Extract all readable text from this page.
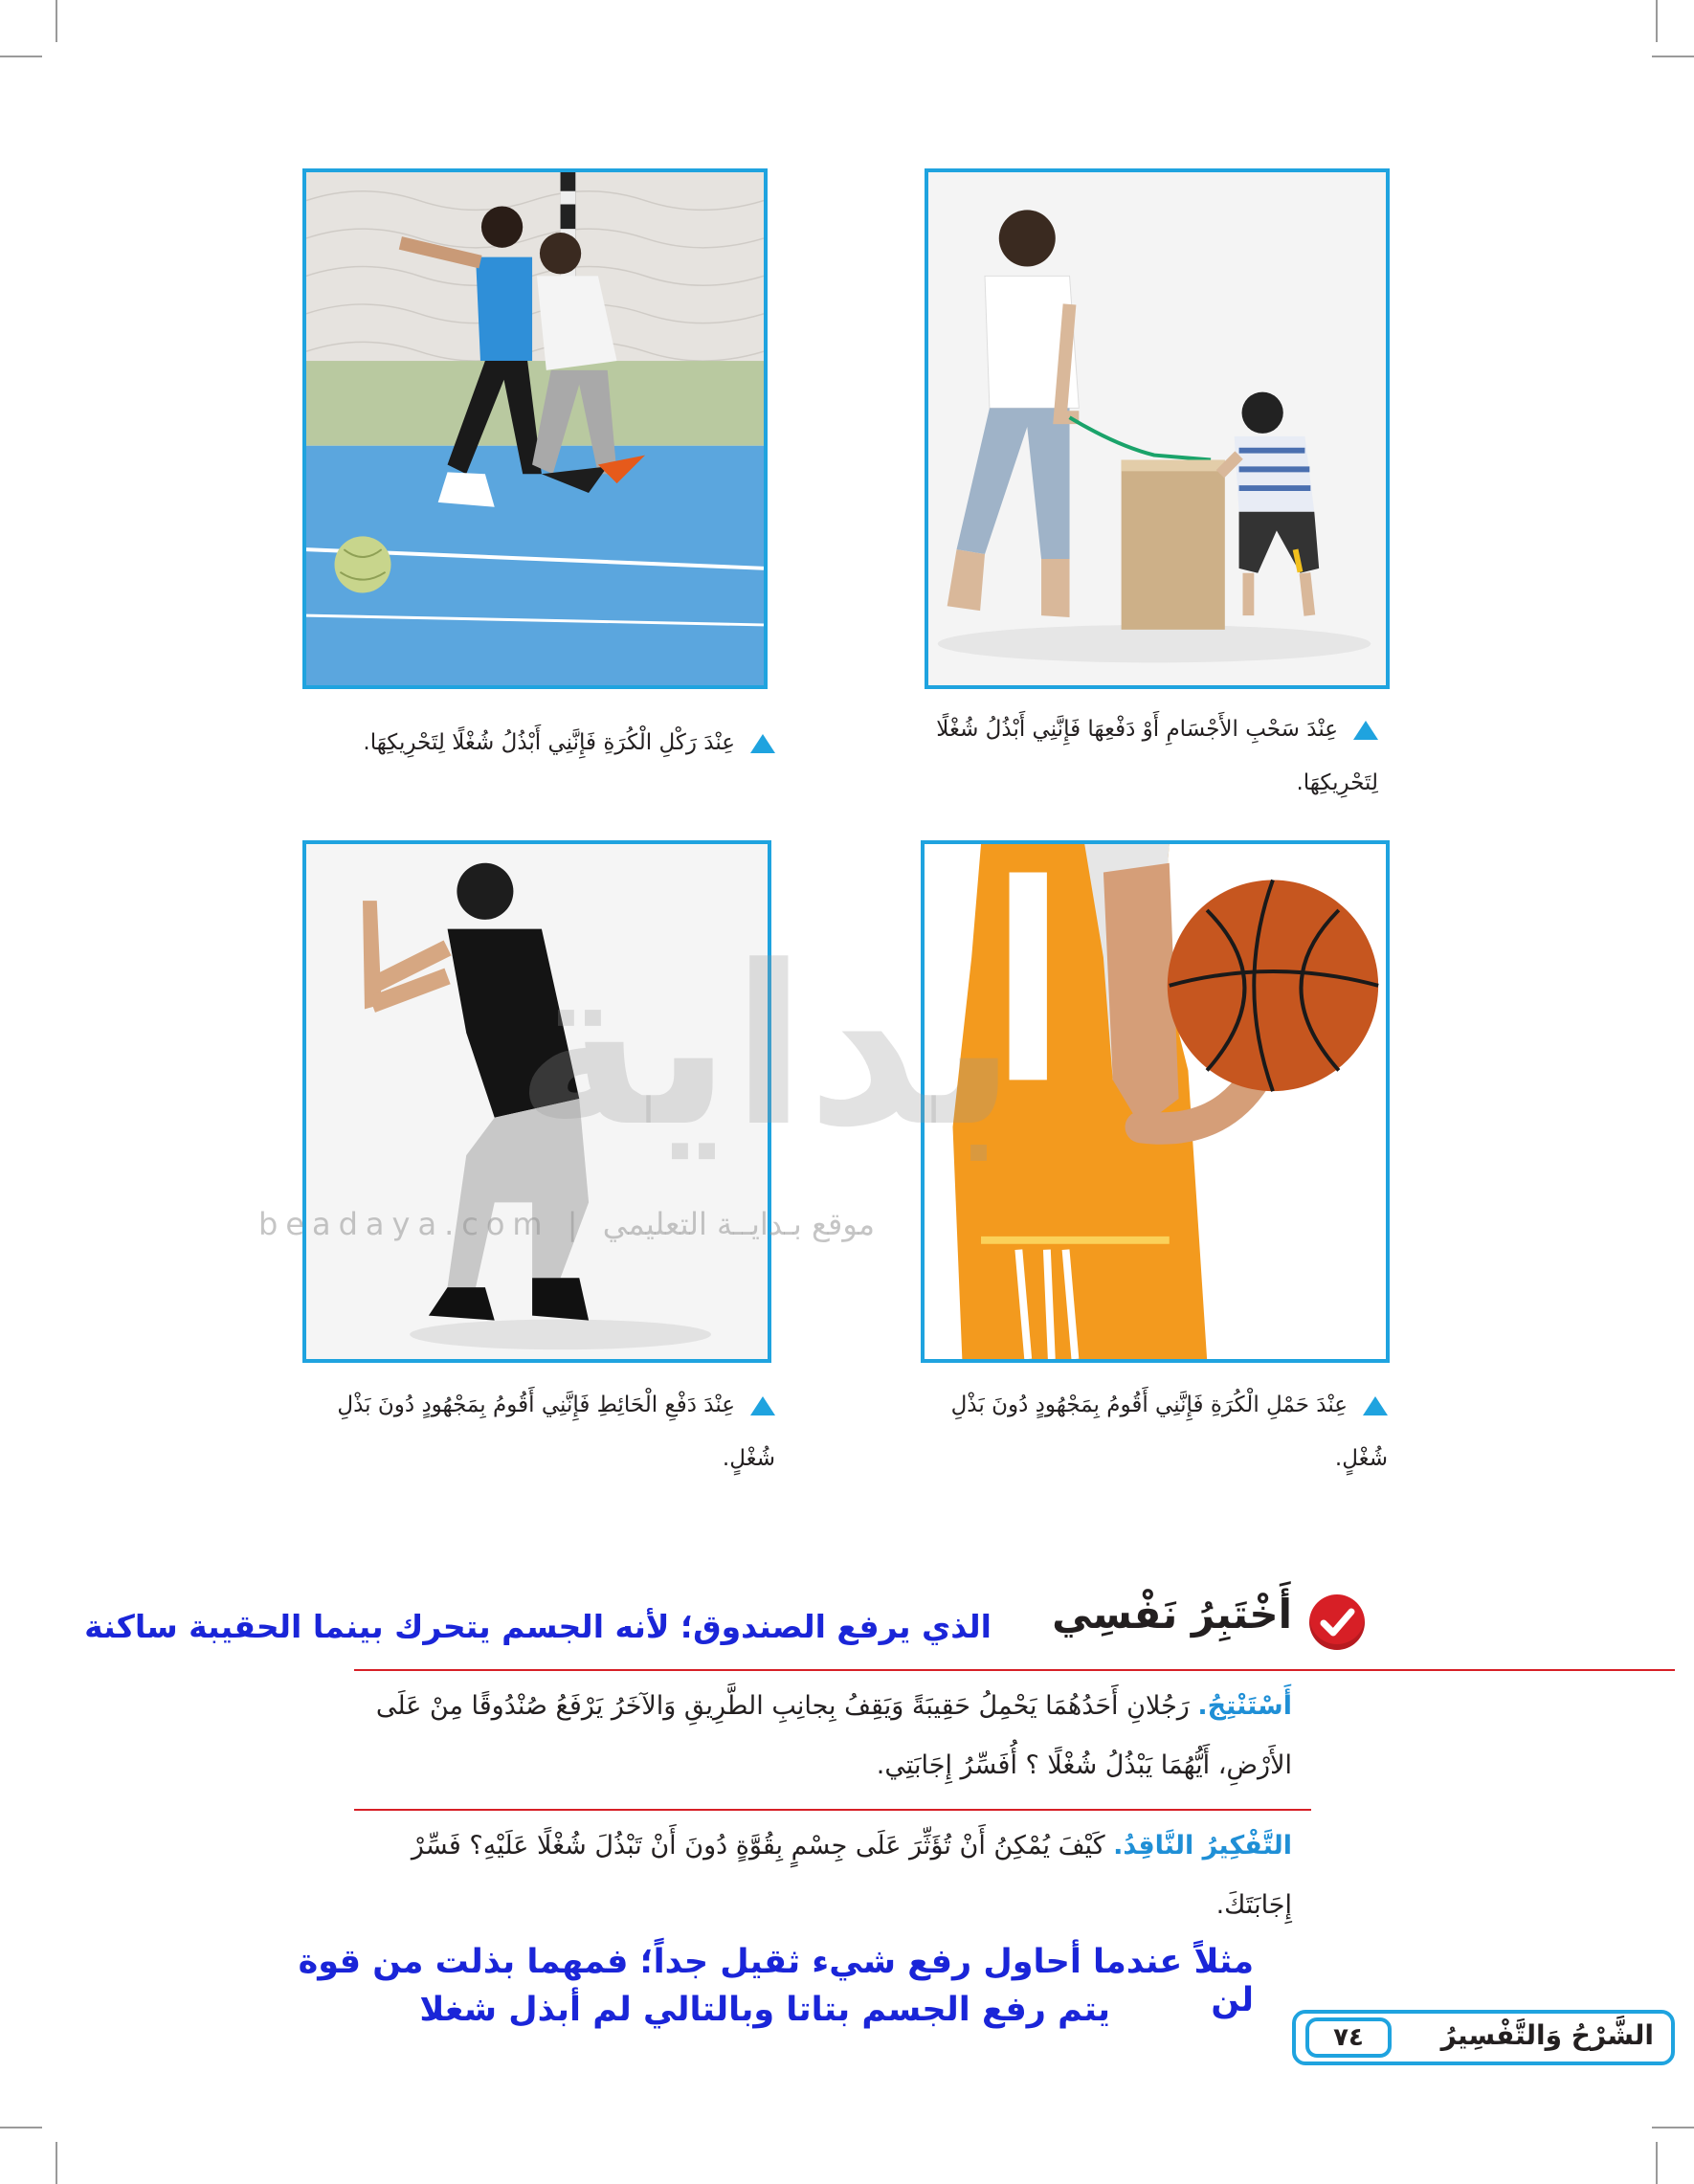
عِنْدَ سَحْبِ الأَجْسَامِ أَوْ دَفْعِهَا فَإِنَّنِي أَبْذُلُ شُغْلًا لِتَحْرِيكِهَا.
عِنْدَ رَكْلِ الْكُرَةِ فَإِنَّنِي أَبْذُلُ شُغْلًا لِتَحْرِيكِهَا.
عِنْدَ حَمْلِ الْكُرَةِ فَإِنَّنِي أَقُومُ بِمَجْهُودٍ دُونَ بَذْلِ شُغْلٍ.
عِنْدَ دَفْعِ الْحَائِطِ فَإِنَّنِي أَقُومُ بِمَجْهُودٍ دُونَ بَذْلِ شُغْلٍ.
بداية
beadaya.com | موقع بـدايــة التعليمي
أَخْتَبِرُ نَفْسِي
الذي يرفع الصندوق؛ لأنه الجسم يتحرك بينما الحقيبة ساكنة
أَسْتَنْتِجُ. رَجُلانِ أَحَدُهُمَا يَحْمِلُ حَقِيبَةً وَيَقِفُ بِجانِبِ الطَّرِيقِ وَالآخَرُ يَرْفَعُ صُنْدُوقًا مِنْ عَلَى الأَرْضِ، أَيُّهُمَا يَبْذُلُ شُغْلًا ؟ أُفَسِّرُ إِجَابَتِي.
التَّفْكِيرُ النَّاقِدُ. كَيْفَ يُمْكِنُ أَنْ تُؤَثِّرَ عَلَى جِسْمٍ بِقُوَّةٍ دُونَ أَنْ تَبْذُلَ شُغْلًا عَلَيْهِ؟ فَسِّرْ إِجَابَتَكَ.
مثلاً عندما أحاول رفع شيء ثقيل جداً؛ فمهما بذلت من قوة لن
يتم رفع الجسم بتاتا وبالتالي لم أبذل شغلا
الشَّرْحُ وَالتَّفْسِيرُ
٧٤
